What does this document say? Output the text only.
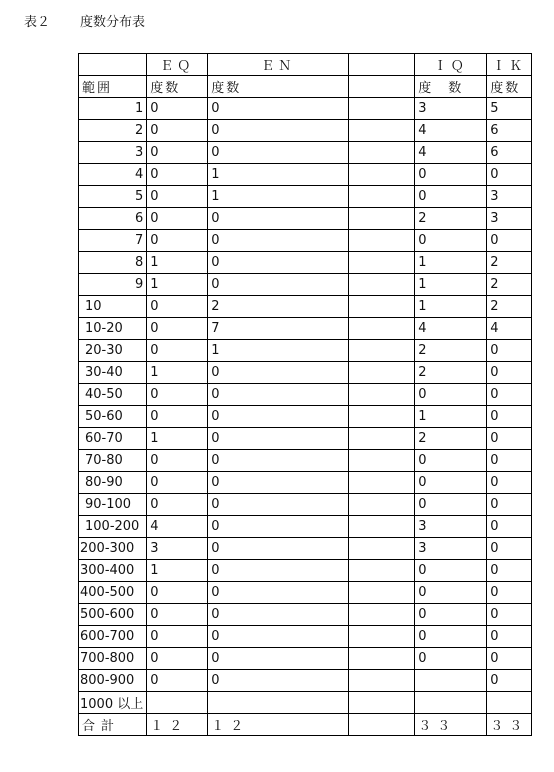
表２	度数分布表
	ＥＱ	ＥＮ		ＩＱ	ＩＫ
範囲	度数	度数		度　数	度数
1	0	0		3	5
2	0	0		4	6
3	0	0		4	6
4	0	1		0	0
5	0	1		0	3
6	0	0		2	3
7	0	0		0	0
8	1	0		1	2
9	1	0		1	2
10	0	2		1	2
10-20	0	7		4	4
20-30	0	1		2	0
30-40	1	0		2	0
40-50	0	0		0	0
50-60	0	0		1	0
60-70	1	0		2	0
70-80	0	0		0	0
80-90	0	0		0	0
90-100	0	0		0	0
100-200	4	0		3	0
200-300	3	0		3	0
300-400	1	0		0	0
400-500	0	0		0	0
500-600	0	0		0	0
600-700	0	0		0	0
700-800	0	0		0	0
800-900	0	0			0
1000 以上					
合計	１２	１２		３３	３３
